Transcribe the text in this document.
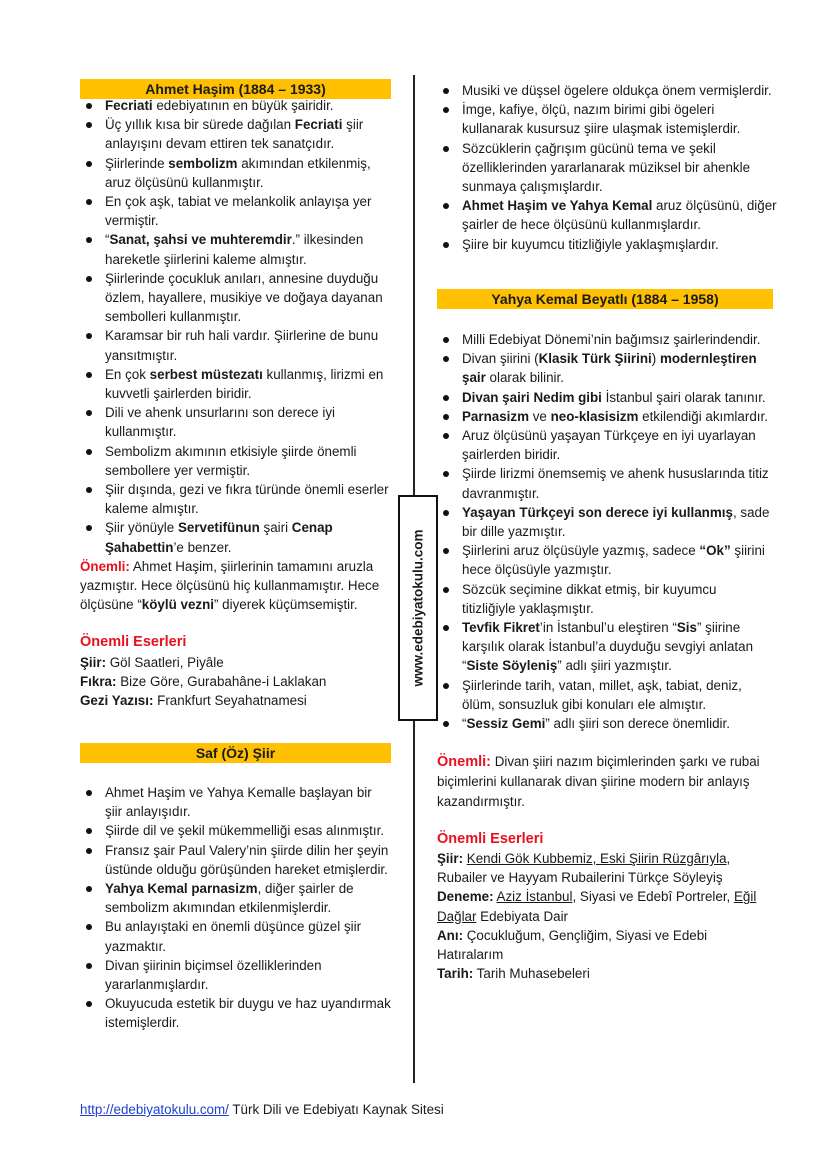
Ahmet Haşim (1884 – 1933)
Fecriati edebiyatının en büyük şairidir.
Üç yıllık kısa bir sürede dağılan Fecriati şiir anlayışını devam ettiren tek sanatçıdır.
Şiirlerinde sembolizm akımından etkilenmiş, aruz ölçüsünü kullanmıştır.
En çok aşk, tabiat ve melankolik anlayışa yer vermiştir.
“Sanat, şahsi ve muhteremdir.” ilkesinden hareketle şiirlerini kaleme almıştır.
Şiirlerinde çocukluk anıları, annesine duyduğu özlem, hayallere, musikiye ve doğaya dayanan sembolleri kullanmıştır.
Karamsar bir ruh hali vardır. Şiirlerine de bunu yansıtmıştır.
En çok serbest müstezatı kullanmış, lirizmi en kuvvetli şairlerden biridir.
Dili ve ahenk unsurlarını son derece iyi kullanmıştır.
Sembolizm akımının etkisiyle şiirde önemli sembollere yer vermiştir.
Şiir dışında, gezi ve fıkra türünde önemli eserler kaleme almıştır.
Şiir yönüyle Servetifünun şairi Cenap Şahabettin’e benzer.

Önemli: Ahmet Haşim, şiirlerinin tamamını aruzla yazmıştır. Hece ölçüsünü hiç kullanmamıştır. Hece ölçüsüne “köylü vezni” diyerek küçümsemiştir.

Önemli Eserleri

Şiir: Göl Saatleri, Piyâle

Fıkra: Bize Göre, Gurabahâne-i Laklakan

Gezi Yazısı: Frankfurt Seyahatnamesi

Saf (Öz) Şiir
Ahmet Haşim ve Yahya Kemalle başlayan bir şiir anlayışıdır.
Şiirde dil ve şekil mükemmelliği esas alınmıştır.
Fransız şair Paul Valery’nin şiirde dilin her şeyin üstünde olduğu görüşünden hareket etmişlerdir.
Yahya Kemal parnasizm, diğer şairler de sembolizm akımından etkilenmişlerdir.
Bu anlayıştaki en önemli düşünce güzel şiir yazmaktır.
Divan şiirinin biçimsel özelliklerinden yararlanmışlardır.
Okuyucuda estetik bir duygu ve haz uyandırmak istemişlerdir.
www.edebiyatokulu.com
Musiki ve düşsel ögelere oldukça önem vermişlerdir.
İmge, kafiye, ölçü, nazım birimi gibi ögeleri kullanarak kusursuz şiire ulaşmak istemişlerdir.
Sözcüklerin çağrışım gücünü tema ve şekil özelliklerinden yararlanarak müziksel bir ahenkle sunmaya çalışmışlardır.
Ahmet Haşim ve Yahya Kemal aruz ölçüsünü, diğer şairler de hece ölçüsünü kullanmışlardır.
Şiire bir kuyumcu titizliğiyle yaklaşmışlardır.
Yahya Kemal Beyatlı (1884 – 1958)
Milli Edebiyat Dönemi’nin bağımsız şairlerindendir.
Divan şiirini (Klasik Türk Şiirini) modernleştiren şair olarak bilinir.
Divan şairi Nedim gibi İstanbul şairi olarak tanınır.
Parnasizm ve neo-klasisizm etkilendiği akımlardır.
Aruz ölçüsünü yaşayan Türkçeye en iyi uyarlayan şairlerden biridir.
Şiirde lirizmi önemsemiş ve ahenk hususlarında titiz davranmıştır.
Yaşayan Türkçeyi son derece iyi kullanmış, sade bir dille yazmıştır.
Şiirlerini aruz ölçüsüyle yazmış, sadece “Ok” şiirini hece ölçüsüyle yazmıştır.
Sözcük seçimine dikkat etmiş, bir kuyumcu titizliğiyle yaklaşmıştır.
Tevfik Fikret’in İstanbul’u eleştiren “Sis” şiirine karşılık olarak İstanbul’a duyduğu sevgiyi anlatan “Siste Söyleniş” adlı şiiri yazmıştır.
Şiirlerinde tarih, vatan, millet, aşk, tabiat, deniz, ölüm, sonsuzluk gibi konuları ele almıştır.
“Sessiz Gemi” adlı şiiri son derece önemlidir.

Önemli: Divan şiiri nazım biçimlerinden şarkı ve rubai biçimlerini kullanarak divan şiirine modern bir anlayış kazandırmıştır.

Önemli Eserleri

Şiir: Kendi Gök Kubbemiz, Eski Şiirin Rüzgârıyla, Rubailer ve Hayyam Rubailerini Türkçe Söyleyiş

Deneme: Aziz İstanbul, Siyasi ve Edebî Portreler, Eğil Dağlar Edebiyata Dair

Anı: Çocukluğum, Gençliğim, Siyasi ve Edebi Hatıralarım

Tarih: Tarih Muhasebeleri

http://edebiyatokulu.com/ Türk Dili ve Edebiyatı Kaynak Sitesi
